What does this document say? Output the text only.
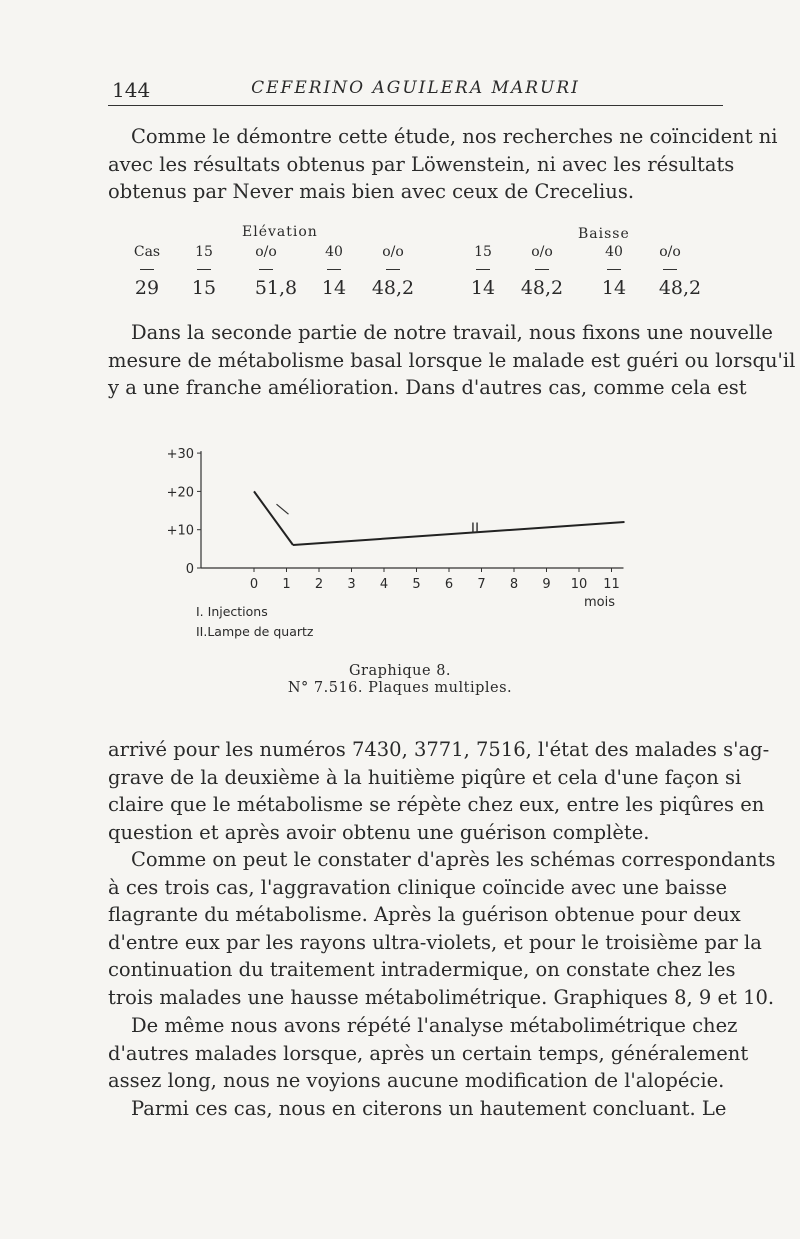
144	CEFERINO AGUILERA MARURI
Comme le démontre cette étude, nos recherches ne coïncident ni
avec les résultats obtenus par Löwenstein, ni avec les résultats
obtenus par Never mais bien avec ceux de Crecelius.
Elévation	Baisse
Cas	15	o/o	40	o/o	15	o/o	40	o/o
29	15	51,8	14	48,2	14	48,2	14	48,2
Dans la seconde partie de notre travail, nous fixons une nouvelle
mesure de métabolisme basal lorsque le malade est guéri ou lorsqu'il
y a une franche amélioration. Dans d'autres cas, comme cela est
0
+10
+20
+30
0 1 2 3 4 5 6 7 8 9 10 11
mois
II
I. Injections
II.Lampe de quartz
Graphique 8.
N° 7.516. Plaques multiples.
arrivé pour les numéros 7430, 3771, 7516, l'état des malades s'ag-
grave de la deuxième à la huitième piqûre et cela d'une façon si
claire que le métabolisme se répète chez eux, entre les piqûres en
question et après avoir obtenu une guérison complète.
Comme on peut le constater d'après les schémas correspondants
à ces trois cas, l'aggravation clinique coïncide avec une baisse
flagrante du métabolisme. Après la guérison obtenue pour deux
d'entre eux par les rayons ultra-violets, et pour le troisième par la
continuation du traitement intradermique, on constate chez les
trois malades une hausse métabolimétrique. Graphiques 8, 9 et 10.
De même nous avons répété l'analyse métabolimétrique chez
d'autres malades lorsque, après un certain temps, généralement
assez long, nous ne voyions aucune modification de l'alopécie.
Parmi ces cas, nous en citerons un hautement concluant. Le
